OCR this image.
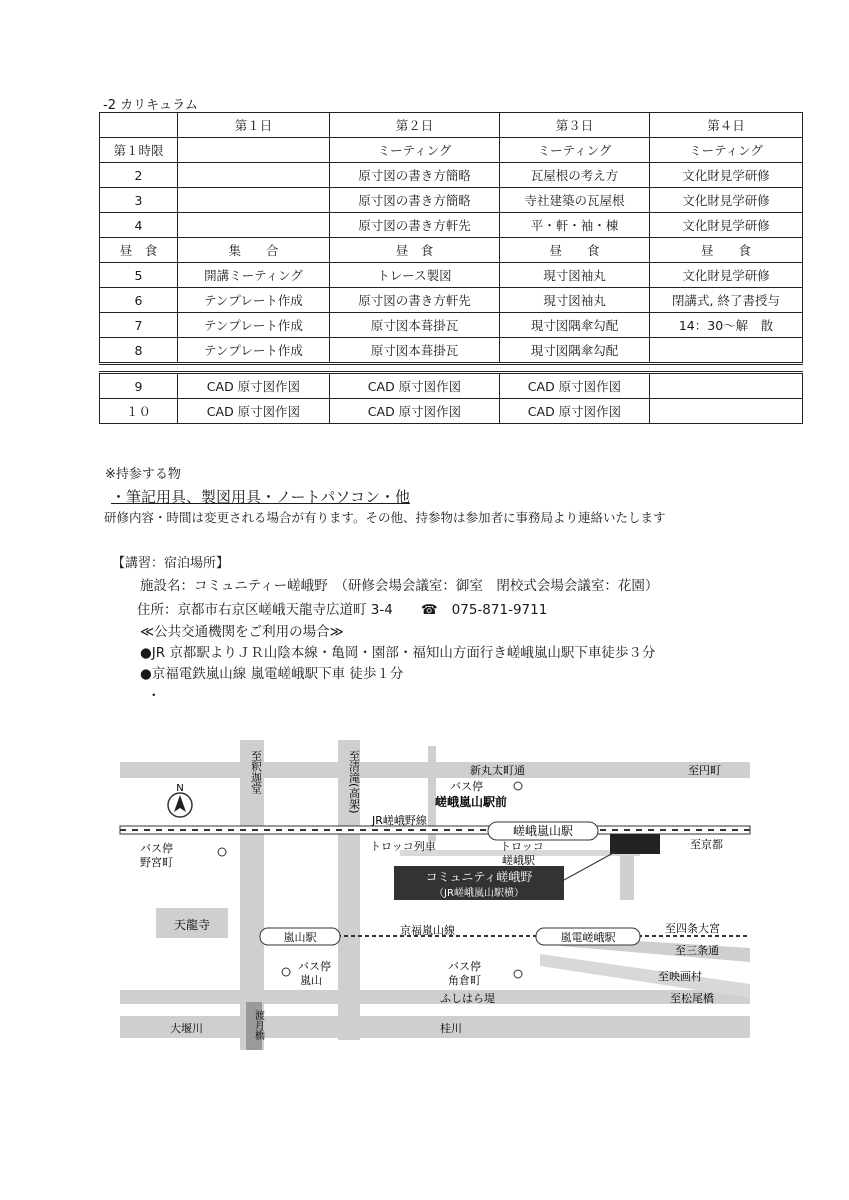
-2 カリキュラム
	第１日	第２日	第３日	第４日
第１時限		ミーティング	ミーティング	ミーティング
2		原寸図の書き方簡略	瓦屋根の考え方	文化財見学研修
3		原寸図の書き方簡略	寺社建築の瓦屋根	文化財見学研修
4		原寸図の書き方軒先	平・軒・袖・棟	文化財見学研修
昼　食	集　　合	昼　食	昼　　食	昼　　食
5	開講ミーティング	トレース製図	現寸図袖丸	文化財見学研修
6	テンプレート作成	原寸図の書き方軒先	現寸図袖丸	閉講式, 終了書授与
7	テンプレート作成	原寸図本葺掛瓦	現寸図隅傘勾配	14：30〜解　散
8	テンプレート作成	原寸図本葺掛瓦	現寸図隅傘勾配	

9	CAD 原寸図作図	CAD 原寸図作図	CAD 原寸図作図	
１０	CAD 原寸図作図	CAD 原寸図作図	CAD 原寸図作図	
※持参する物
・筆記用具、製図用具・ノートパソコン・他
研修内容・時間は変更される場合が有ります。その他、持参物は参加者に事務局より連絡いたします
【講習：宿泊場所】
施設名：コミュニティー嵯峨野　（研修会場会議室：御室　閉校式会場会議室：花園）
住所：京都市右京区嵯峨天龍寺広道町 3-4 ☎ 075-871-9711
≪公共交通機関をご利用の場合≫
●JR 京都駅よりＪＲ山陰本線・亀岡・園部・福知山方面行き嵯峨嵐山駅下車徒歩３分
●京福電鉄嵐山線 嵐電嵯峨駅下車 徒歩１分
・
コミュニティ嵯峨野
（JR嵯峨嵐山駅横）
天龍寺
嵯峨嵐山駅
嵐山駅	嵐電嵯峨駅
N	至釈迦堂	至清滝(高架)
渡月橋
新丸太町通	至円町
バス停
嵯峨嵐山駅前
JR嵯峨野線
至京都
バス停
野宮町
トロッコ列車	トロッコ
嵯峨駅
京福嵐山線	至四条大宮
至三条通
バス停
嵐山
バス停
角倉町	至映画村
ふしはら堤	至松尾橋
大堰川	桂川
